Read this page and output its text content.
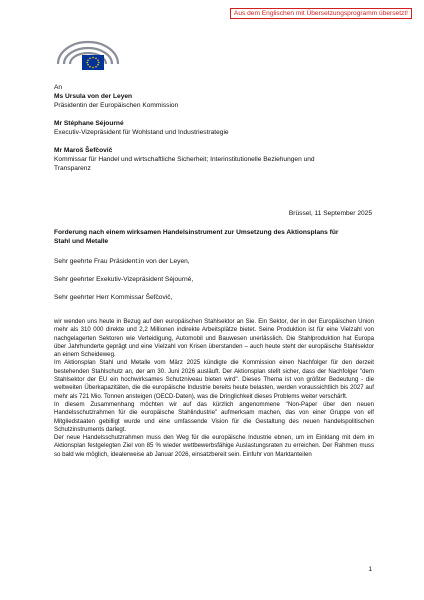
Aus dem Englischen mit Übersetzungsprogramm übersetzt!
An
Ms Ursula von der Leyen
Präsidentin der Europäischen Kommission
Mr Stéphane Séjourné
Executiv-Vizepräsident für Wohlstand und Industriestrategie
Mr Maroš Šefčovič
Kommissar für Handel und wirtschaftliche Sicherheit; Interinstitutionelle Beziehungen und
Transparenz
Brüssel, 11 September 2025
Forderung nach einem wirksamen Handelsinstrument zur Umsetzung des Aktionsplans für
Stahl und Metalle
Sehr geehrte Frau Präsident:in von der Leyen,
Sehr geehrter Exekutiv-Vizepräsident Séjourné,
Sehr geehrter Herr Kommissar Šefčovič,

wir wenden uns heute in Bezug auf den europäischen Stahlsektor an Sie. Ein Sektor, der in der Europäischen Union mehr als 310 000 direkte und 2,2 Millionen indirekte Arbeitsplätze bietet. Seine Produktion ist für eine Vielzahl von nachgelagerten Sektoren wie Verteidigung, Automobil und Bauwesen unerlässlich. Die Stahlproduktion hat Europa über Jahrhunderte geprägt und eine Vielzahl von Krisen überstanden – auch heute steht der europäische Stahlsektor an einem Scheideweg.

Im Aktionsplan Stahl und Metalle vom März 2025 kündigte die Kommission einen Nachfolger für den derzeit bestehenden Stahlschutz an, der am 30. Juni 2026 ausläuft. Der Aktionsplan stellt sicher, dass der Nachfolger "dem Stahlsektor der EU ein hochwirksames Schutzniveau bieten wird". Dieses Thema ist von größter Bedeutung - die weltweiten Überkapazitäten, die die europäische Industrie bereits heute belasten, werden voraussichtlich bis 2027 auf mehr als 721 Mio. Tonnen ansteigen (OECD-Daten), was die Dringlichkeit dieses Problems weiter verschärft.

In diesem Zusammenhang möchten wir auf das kürzlich angenommene "Non-Paper über den neuen Handelsschutzrahmen für die europäische Stahlindustrie" aufmerksam machen, das von einer Gruppe von elf Mitgliedstaaten gebilligt wurde und eine umfassende Vision für die Gestaltung des neuen handelspolitischen Schutzinstruments darlegt.

Der neue Handelsschutzrahmen muss den Weg für die europäische Industrie ebnen, um im Einklang mit dem im Aktionsplan festgelegten Ziel von 85 % wieder wettbewerbsfähige Auslastungsraten zu erreichen. Der Rahmen muss so bald wie möglich, idealerweise ab Januar 2026, einsatzbereit sein. Einfuhr von Marktanteilen

1
